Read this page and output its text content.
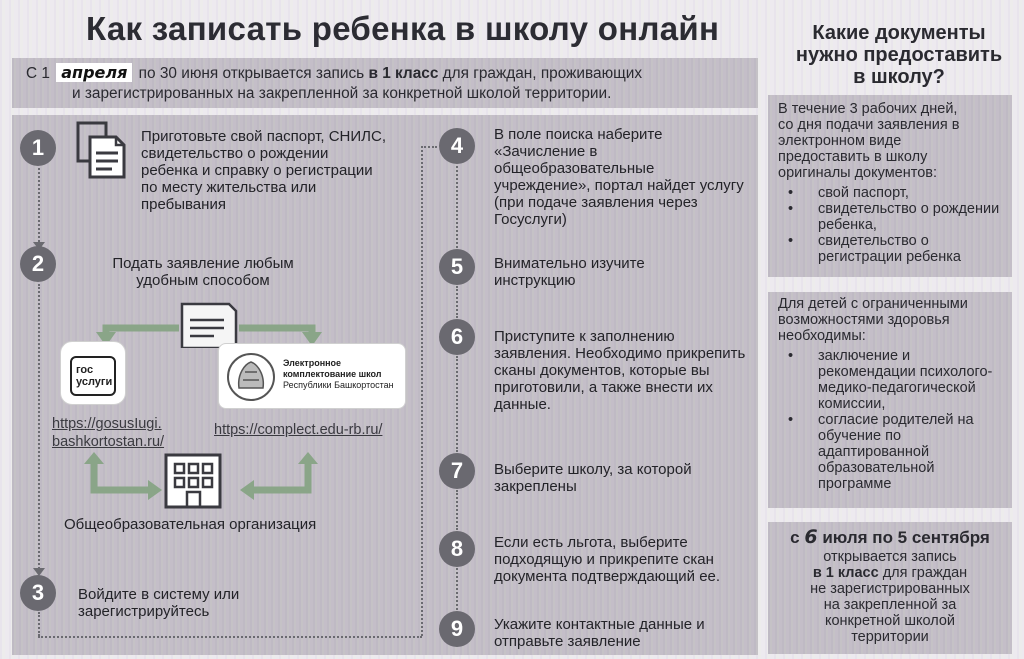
Как записать ребенка в школу онлайн
С 1 апреля по 30 июня открывается запись в 1 класс для граждан, проживающих
и зарегистрированных на закрепленной за конкретной школой территории.
1
2
3
4
5
6
7
8
9
Приготовьте свой паспорт, СНИЛС, свидетельство о рождении ребенка и справку о регистрации по месту жительства или пребывания
Подать заявление любым удобным способом
гос
услуги
https://gosusIugi. bashkortostan.ru/
Электронное
комплектование школ
Республики Башкортостан
https://complect.edu-rb.ru/
Общеобразовательная организация
Войдите в систему или зарегистрируйтесь
В поле поиска наберите «Зачисление в общеобразовательные учреждение», портал найдет услугу (при подаче заявления через Госуслуги)
Внимательно изучите инструкцию
Приступите к заполнению заявления. Необходимо прикрепить сканы документов, которые вы приготовили, а также внести их данные.
Выберите школу, за которой закреплены
Если есть льгота, выберите подходящую и прикрепите скан документа подтверждающий ее.
Укажите контактные данные и отправьте заявление
Какие документы нужно предоставить в школу?
В течение 3 рабочих дней, со дня подачи заявления в электронном виде предоставить в школу оригиналы документов:
• свой паспорт,
• свидетельство о рождении ребенка,
• свидетельство о регистрации ребенка
Для детей с ограниченными возможностями здоровья необходимы:
• заключение и рекомендации психолого-медико-педагогической комиссии,
• согласие родителей на обучение по адаптированной образовательной программе
с 6 июля по 5 сентября
открывается запись
в 1 класс для граждан
не зарегистрированных на закрепленной за конкретной школой территории
